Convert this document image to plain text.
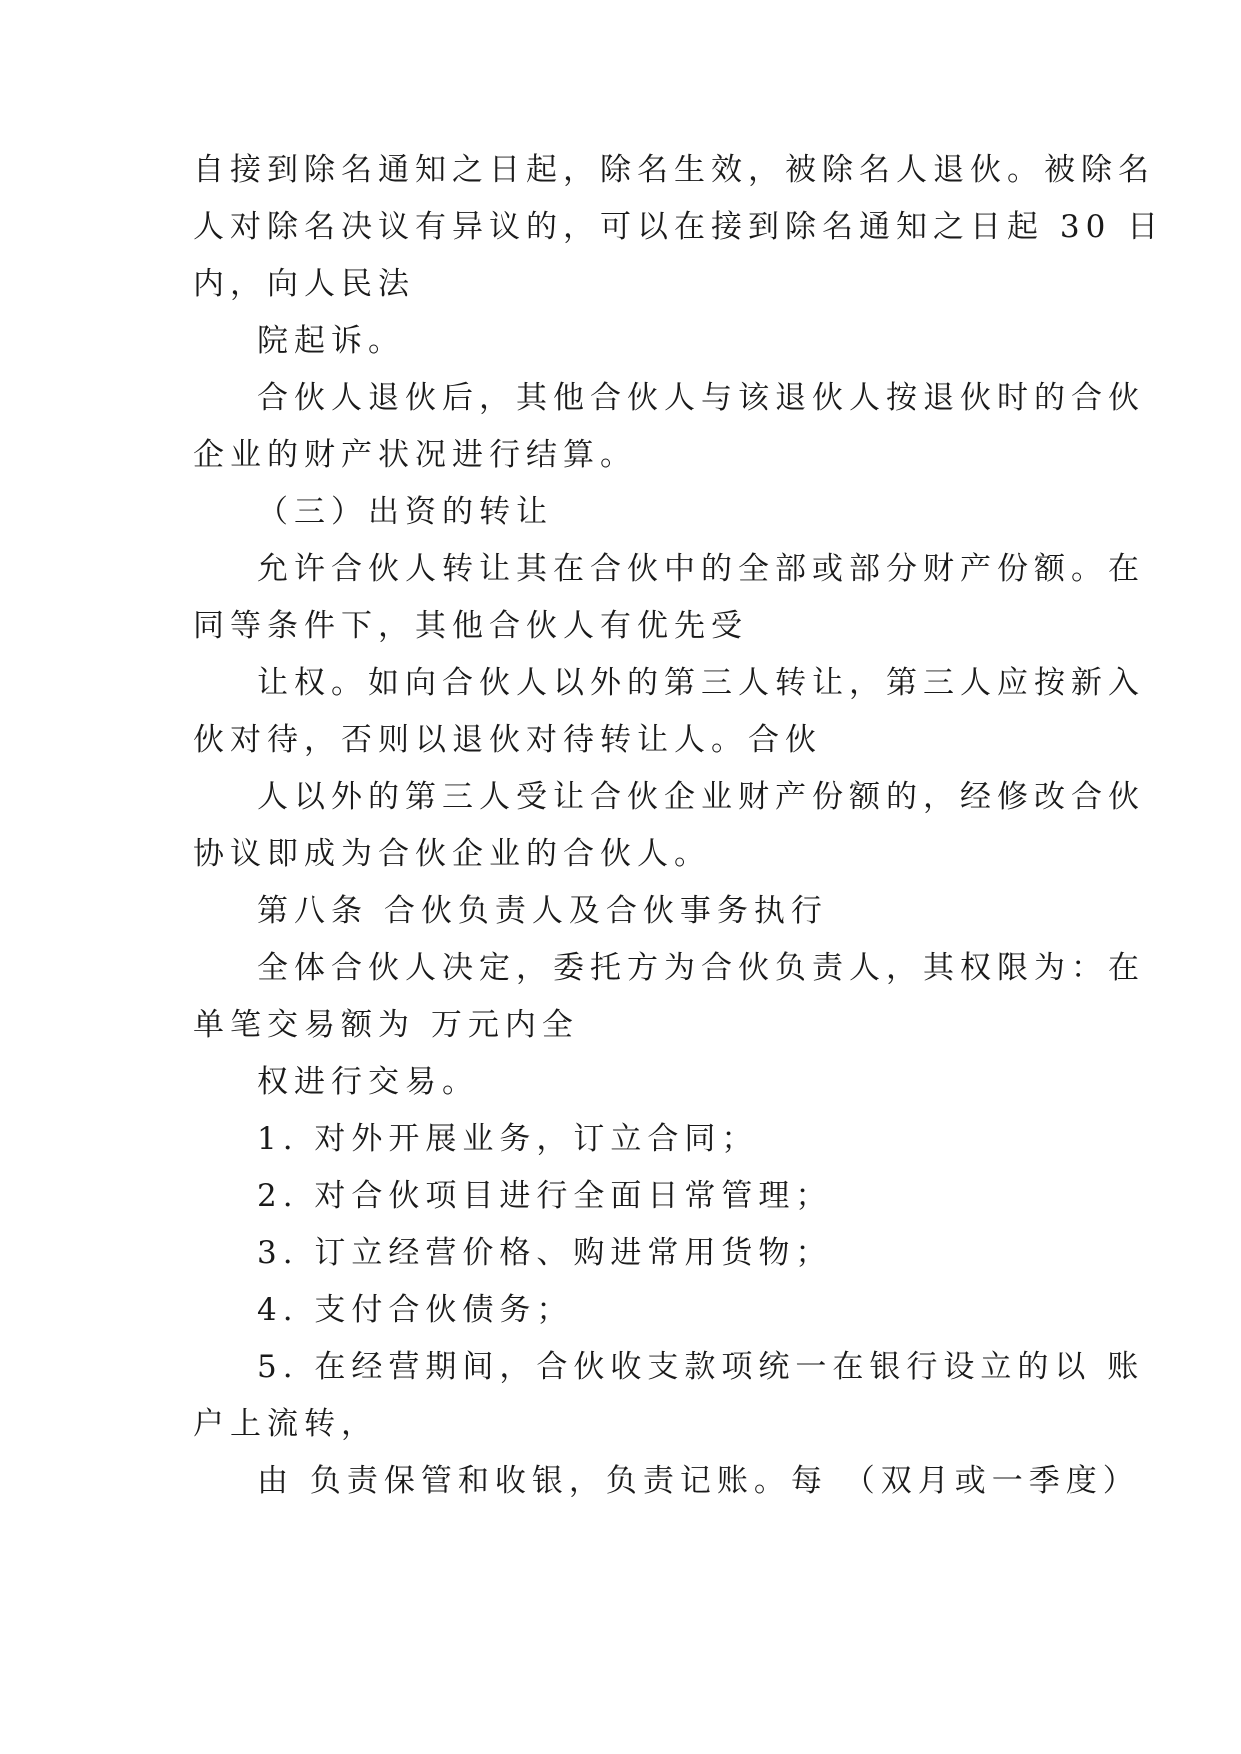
自接到除名通知之日起，除名生效，被除名人退伙。被除名
人对除名决议有异议的，可以在接到除名通知之日起 30 日
内，向人民法
院起诉。
合伙人退伙后，其他合伙人与该退伙人按退伙时的合伙
企业的财产状况进行结算。
（三）出资的转让
允许合伙人转让其在合伙中的全部或部分财产份额。在
同等条件下，其他合伙人有优先受
让权。如向合伙人以外的第三人转让，第三人应按新入
伙对待，否则以退伙对待转让人。合伙
人以外的第三人受让合伙企业财产份额的，经修改合伙
协议即成为合伙企业的合伙人。
第八条 合伙负责人及合伙事务执行
全体合伙人决定，委托方为合伙负责人，其权限为：在
单笔交易额为 万元内全
权进行交易。
1. 对外开展业务，订立合同；
2. 对合伙项目进行全面日常管理；
3. 订立经营价格、购进常用货物；
4. 支付合伙债务；
5. 在经营期间，合伙收支款项统一在银行设立的以 账
户上流转，
由 负责保管和收银，负责记账。每 （双月或一季度）
